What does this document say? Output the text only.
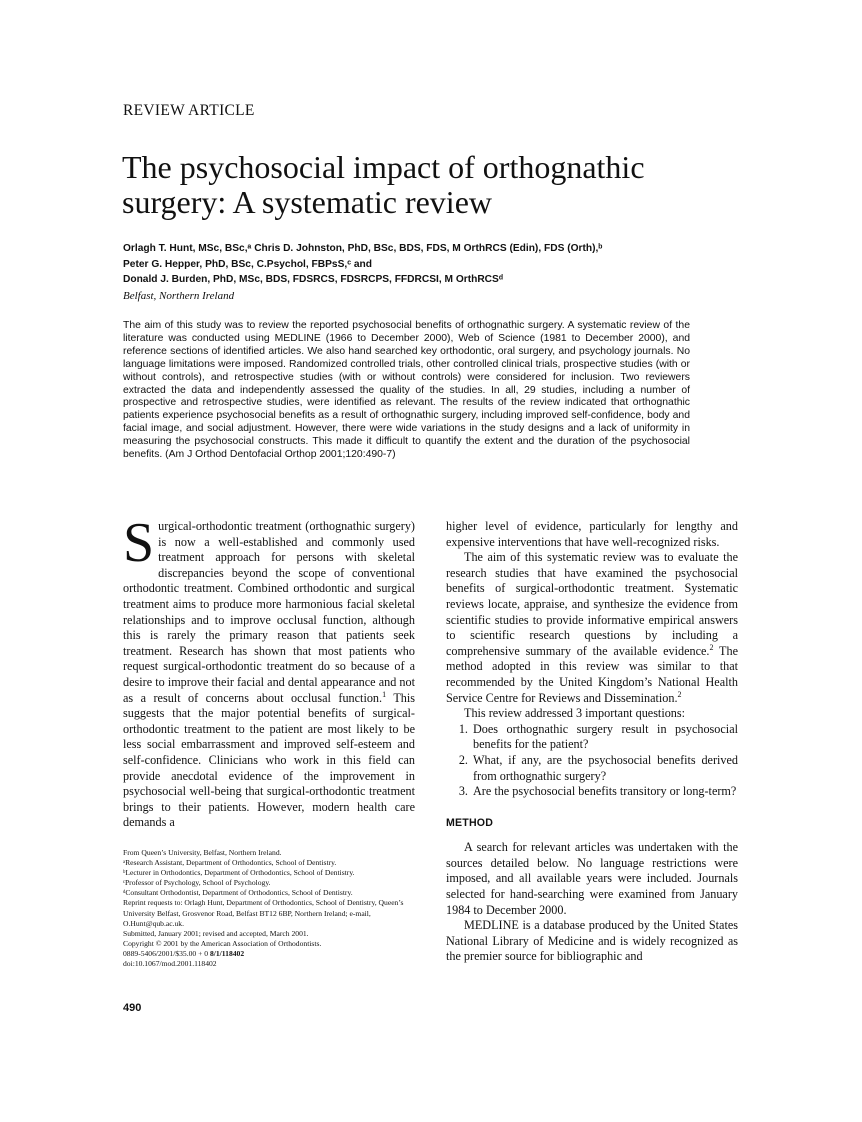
REVIEW ARTICLE
The psychosocial impact of orthognathic surgery: A systematic review
Orlagh T. Hunt, MSc, BSc,ᵃ Chris D. Johnston, PhD, BSc, BDS, FDS, M OrthRCS (Edin), FDS (Orth),ᵇ
Peter G. Hepper, PhD, BSc, C.Psychol, FBPsS,ᶜ and
Donald J. Burden, PhD, MSc, BDS, FDSRCS, FDSRCPS, FFDRCSI, M OrthRCSᵈ
Belfast, Northern Ireland

The aim of this study was to review the reported psychosocial benefits of orthognathic surgery. A systematic review of the literature was conducted using MEDLINE (1966 to December 2000), Web of Science (1981 to December 2000), and reference sections of identified articles. We also hand searched key orthodontic, oral surgery, and psychology journals. No language limitations were imposed. Randomized controlled trials, other controlled clinical trials, prospective studies (with or without controls), and retrospective studies (with or without controls) were considered for inclusion. Two reviewers extracted the data and independently assessed the quality of the studies. In all, 29 studies, including a number of prospective and retrospective studies, were identified as relevant. The results of the review indicated that orthognathic patients experience psychosocial benefits as a result of orthognathic surgery, including improved self-confidence, body and facial image, and social adjustment. However, there were wide variations in the study designs and a lack of uniformity in measuring the psychosocial constructs. This made it difficult to quantify the extent and the duration of the psychosocial benefits. (Am J Orthod Dentofacial Orthop 2001;120:490-7)

Surgical-orthodontic treatment (orthognathic surgery) is now a well-established and commonly used treatment approach for persons with skeletal discrepancies beyond the scope of conventional orthodontic treatment. Combined orthodontic and surgical treatment aims to produce more harmonious facial skeletal relationships and to improve occlusal function, although this is rarely the primary reason that patients seek treatment. Research has shown that most patients who request surgical-orthodontic treatment do so because of a desire to improve their facial and dental appearance and not as a result of concerns about occlusal function.$^1$ This suggests that the major potential benefits of surgical-orthodontic treatment to the patient are most likely to be less social embarrassment and improved self-esteem and self-confidence. Clinicians who work in this field can provide anecdotal evidence of the improvement in psychosocial well-being that surgical-orthodontic treatment brings to their patients. However, modern health care demands a

higher level of evidence, particularly for lengthy and expensive interventions that have well-recognized risks.

The aim of this systematic review was to evaluate the research studies that have examined the psychosocial benefits of surgical-orthodontic treatment. Systematic reviews locate, appraise, and synthesize the evidence from scientific studies to provide informative empirical answers to scientific research questions by including a comprehensive summary of the available evidence.$^2$ The method adopted in this review was similar to that recommended by the United Kingdom’s National Health Service Centre for Reviews and Dissemination.$^2$

This review addressed 3 important questions:

1. Does orthognathic surgery result in psychosocial benefits for the patient?
2. What, if any, are the psychosocial benefits derived from orthognathic surgery?
3. Are the psychosocial benefits transitory or long-term?
METHOD

A search for relevant articles was undertaken with the sources detailed below. No language restrictions were imposed, and all available years were included. Journals selected for hand-searching were examined from January 1984 to December 2000.

MEDLINE is a database produced by the United States National Library of Medicine and is widely recognized as the premier source for bibliographic and

From Queen’s University, Belfast, Northern Ireland.
ᵃResearch Assistant, Department of Orthodontics, School of Dentistry.
ᵇLecturer in Orthodontics, Department of Orthodontics, School of Dentistry.
ᶜProfessor of Psychology, School of Psychology.
ᵈConsultant Orthodontist, Department of Orthodontics, School of Dentistry.
Reprint requests to: Orlagh Hunt, Department of Orthodontics, School of Dentistry, Queen’s University Belfast, Grosvenor Road, Belfast BT12 6BP, Northern Ireland; e-mail, O.Hunt@qub.ac.uk.
Submitted, January 2001; revised and accepted, March 2001.
Copyright © 2001 by the American Association of Orthodontists.
0889-5406/2001/$35.00 + 0 8/1/118402
doi:10.1067/mod.2001.118402
490
